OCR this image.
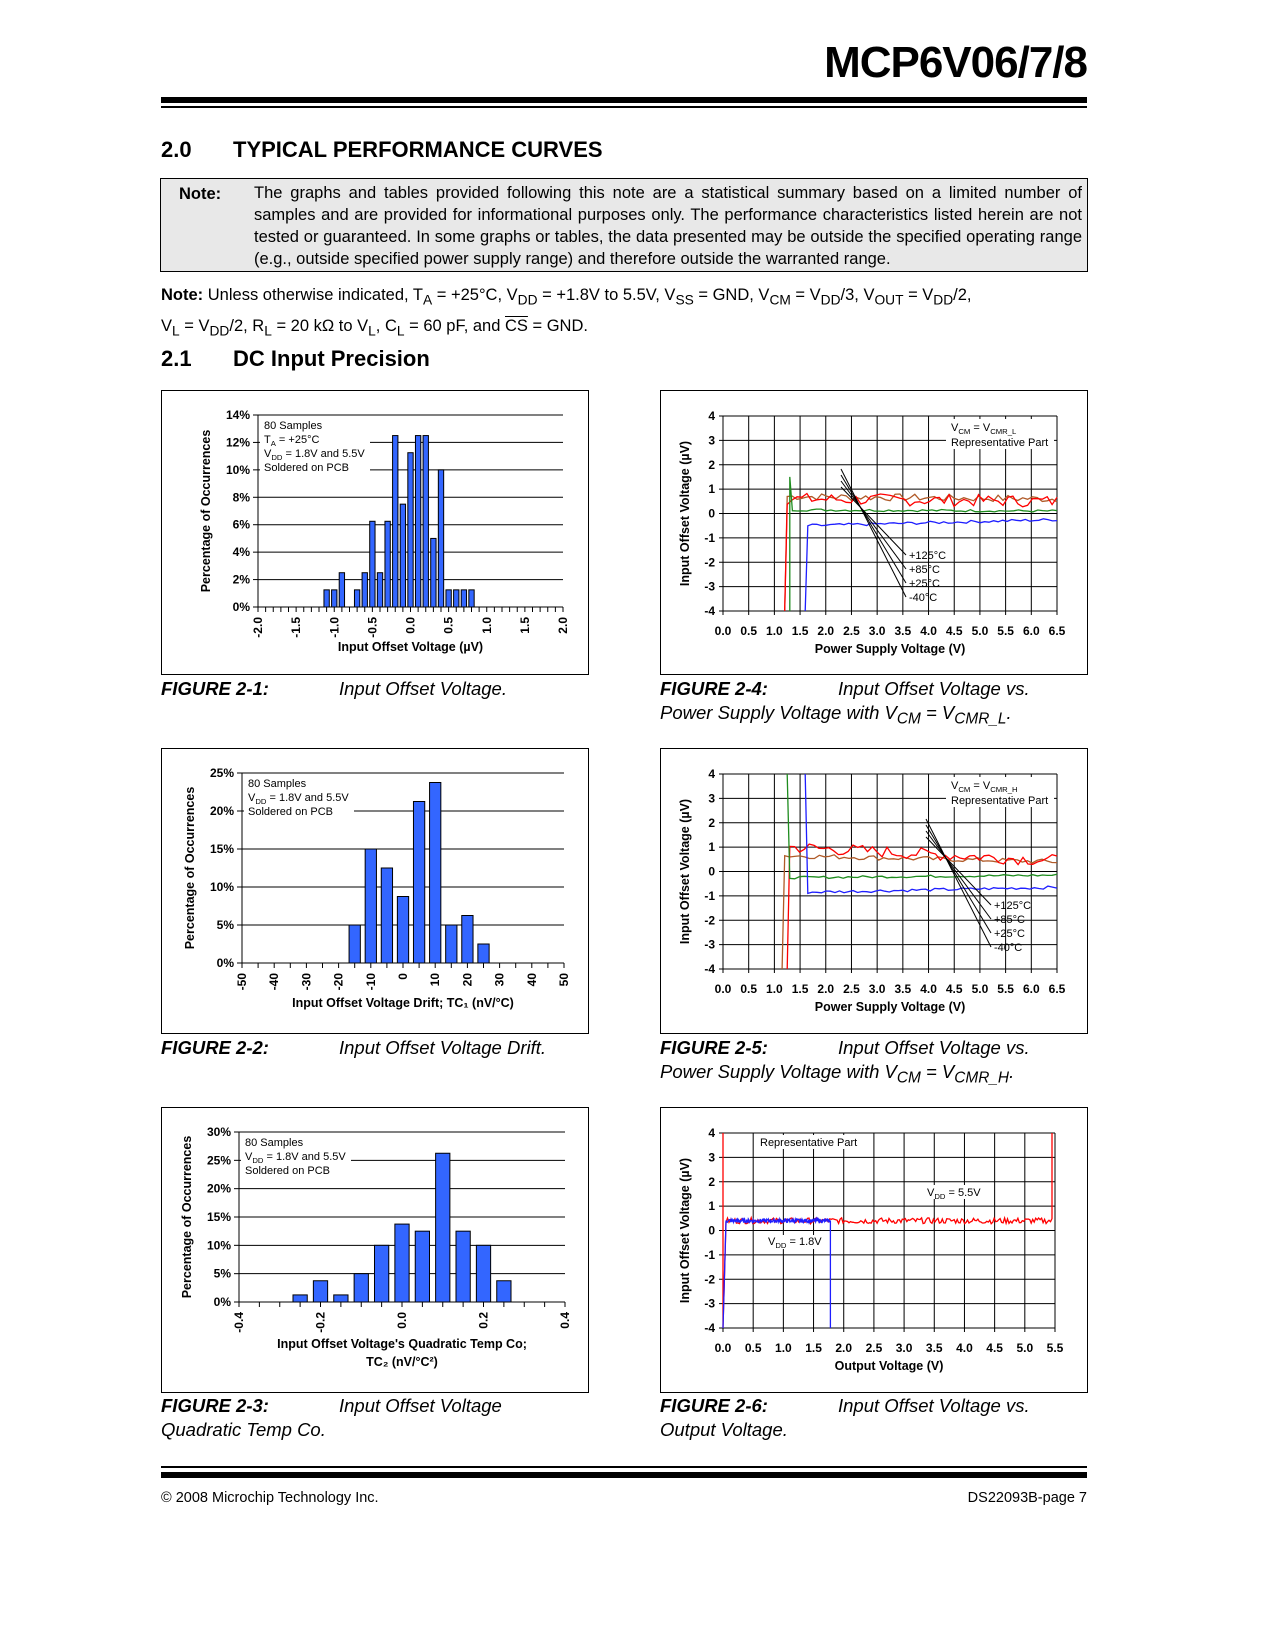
MCP6V06/7/8
2.0 TYPICAL PERFORMANCE CURVES
Note: The graphs and tables provided following this note are a statistical summary based on a limited number of samples and are provided for informational purposes only. The performance characteristics listed herein are not tested or guaranteed. In some graphs or tables, the data presented may be outside the specified operating range (e.g., outside specified power supply range) and therefore outside the warranted range.
Note: Unless otherwise indicated, $T_A = +25^\circ C$, $V_{DD} = +1.8V$ to 5.5V, $V_{SS}$ = GND, $V_{CM} = V_{DD}/3$, $V_{OUT} = V_{DD}/2$,
$V_L = V_{DD}/2$, $R_L = 20$ kΩ to $V_L$, $C_L = 60$ pF, and $\overline{CS}$ = GND.
2.1 DC Input Precision
0%
2%
4%
6%
8%
10%
12%
14%
80 Samples
$T_A = +25^\circ C$
$V_{DD} = 1.8V$ and 5.5V
Soldered on PCB
-2.0 -1.5 -1.0 -0.5 0.0 0.5 1.0 1.5 2.0
Percentage of Occurrences
Input Offset Voltage (µV)
0%
5%
10%
15%
20%
25%
80 Samples
$V_{DD} = 1.8V$ and 5.5V
Soldered on PCB
-50 -40 -30 -20 -10 0 10 20 30 40 50
Percentage of Occurrences
Input Offset Voltage Drift; TC₁ (nV/°C)
0%
5%
10%
15%
20%
25%
30%
80 Samples
$V_{DD} = 1.8V$ and 5.5V
Soldered on PCB
-0.4	-0.2	0.0	0.2	0.4
Percentage of Occurrences
Input Offset Voltage's Quadratic Temp Co;
TC₂ (nV/°C²)
-4
-3
-2
-1
0
1
2
3
4
0.0 0.5 1.0 1.5 2.0 2.5 3.0 3.5 4.0 4.5 5.0 5.5 6.0 6.5
Power Supply Voltage (V)
Input Offset Voltage (µV)
$V_{CM} = V_{CMR\_L}$
Representative Part
+125°C
+85°C
+25°C
-40°C
-4
-3
-2
-1
0
1
2
3
4
0.0 0.5 1.0 1.5 2.0 2.5 3.0 3.5 4.0 4.5 5.0 5.5 6.0 6.5
Power Supply Voltage (V)
Input Offset Voltage (µV)
$V_{CM} = V_{CMR\_H}$
Representative Part
+125°C
+85°C
+25°C
-40°C
-4
-3
-2
-1
0
1
2
3
4
0.0 0.5 1.0 1.5 2.0 2.5 3.0 3.5 4.0 4.5 5.0 5.5
Output Voltage (V)
Input Offset Voltage (µV)
Representative Part
$V_{DD} = 5.5V$
$V_{DD} = 1.8V$
FIGURE 2-1:	Input Offset Voltage.
FIGURE 2-2:	Input Offset Voltage Drift.
FIGURE 2-3:	Input Offset Voltage
Quadratic Temp Co.
FIGURE 2-4:	Input Offset Voltage vs.
Power Supply Voltage with $V_{CM} = V_{CMR\_L}$.
FIGURE 2-5:	Input Offset Voltage vs.
Power Supply Voltage with $V_{CM} = V_{CMR\_H}$.
FIGURE 2-6:	Input Offset Voltage vs.
Output Voltage.
© 2008 Microchip Technology Inc.	DS22093B-page 7
